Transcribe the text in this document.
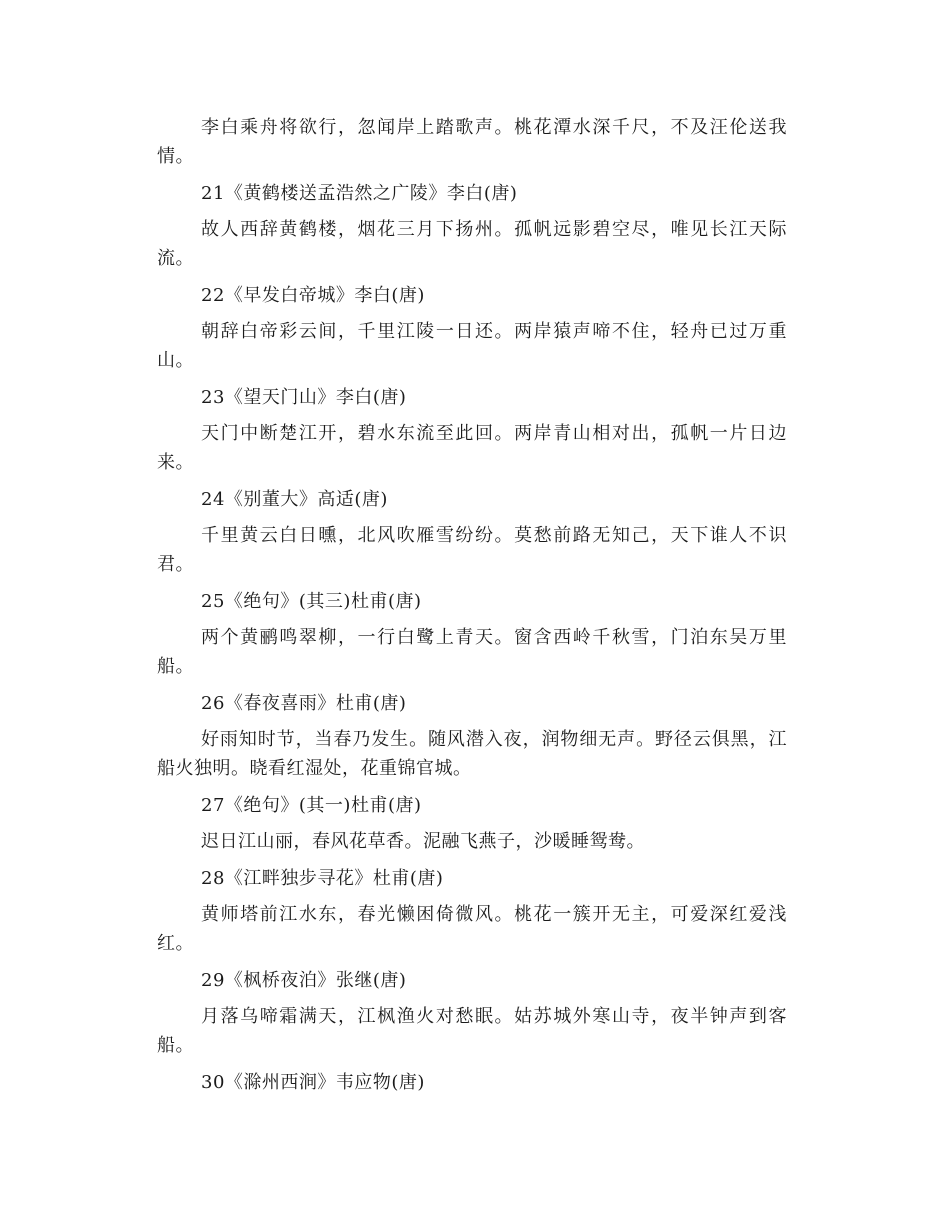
李白乘舟将欲行，忽闻岸上踏歌声。桃花潭水深千尺，不及汪伦送我情。

21《黄鹤楼送孟浩然之广陵》李白(唐)

故人西辞黄鹤楼，烟花三月下扬州。孤帆远影碧空尽，唯见长江天际流。

22《早发白帝城》李白(唐)

朝辞白帝彩云间，千里江陵一日还。两岸猿声啼不住，轻舟已过万重山。

23《望天门山》李白(唐)

天门中断楚江开，碧水东流至此回。两岸青山相对出，孤帆一片日边来。

24《别董大》高适(唐)

千里黄云白日曛，北风吹雁雪纷纷。莫愁前路无知己，天下谁人不识君。

25《绝句》(其三)杜甫(唐)

两个黄鹂鸣翠柳，一行白鹭上青天。窗含西岭千秋雪，门泊东吴万里船。

26《春夜喜雨》杜甫(唐)

好雨知时节，当春乃发生。随风潜入夜，润物细无声。野径云俱黑，江船火独明。晓看红湿处，花重锦官城。

27《绝句》(其一)杜甫(唐)

迟日江山丽，春风花草香。泥融飞燕子，沙暖睡鸳鸯。

28《江畔独步寻花》杜甫(唐)

黄师塔前江水东，春光懒困倚微风。桃花一簇开无主，可爱深红爱浅红。

29《枫桥夜泊》张继(唐)

月落乌啼霜满天，江枫渔火对愁眠。姑苏城外寒山寺，夜半钟声到客船。

30《滁州西涧》韦应物(唐)
